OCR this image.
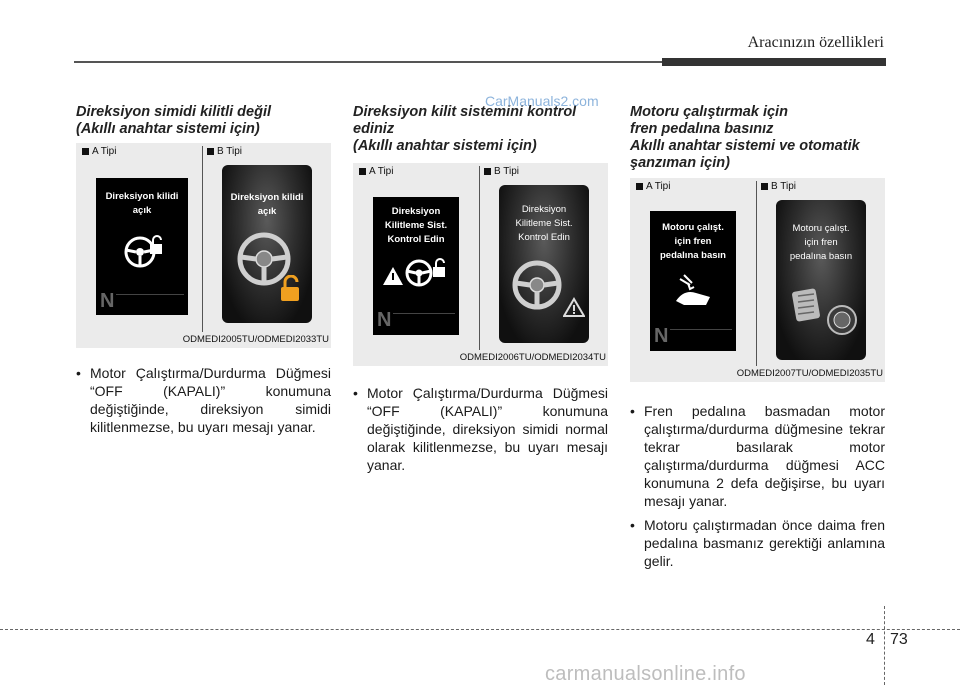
Aracınızın özellikleri
Direksiyon simidi kilitli değil
(Akıllı anahtar sistemi için)
A Tipi	B Tipi
Direksiyon kilidi
açık
N
Direksiyon kilidi
açık
ODMEDI2005TU/ODMEDI2033TU
• Motor Çalıştırma/Durdurma Düğmesi “OFF (KAPALI)” konumuna değiştiğinde, direksiyon simidi kilitlenmezse, bu uyarı mesajı yanar.

Direksiyon kilit sistemini kontrol
ediniz
(Akıllı anahtar sistemi için)
CarManuals2.com
A Tipi	B Tipi
Direksiyon
Kilitleme Sist.
Kontrol Edin
N
Direksiyon
Kilitleme Sist.
Kontrol Edin
ODMEDI2006TU/ODMEDI2034TU
• Motor Çalıştırma/Durdurma Düğmesi “OFF (KAPALI)” konumuna değiştiğinde, direksiyon simidi normal olarak kilitlenmezse, bu uyarı mesajı yanar.

Motoru çalıştırmak için
fren pedalına basınız
Akıllı anahtar sistemi ve otomatik
şanzıman için)
A Tipi	B Tipi
Motoru çalışt.
için fren
pedalına basın
N
Motoru çalışt.
için fren
pedalına basın
ODMEDI2007TU/ODMEDI2035TU
• Fren pedalına basmadan motor çalıştırma/durdurma düğmesine tekrar tekrar basılarak motor çalıştırma/durdurma düğmesi ACC konumuna 2 defa değişirse, bu uyarı mesajı yanar.

• Motoru çalıştırmadan önce daima fren pedalına basmanız gerektiği anlamına gelir.

4 73
carmanualsonline.info
